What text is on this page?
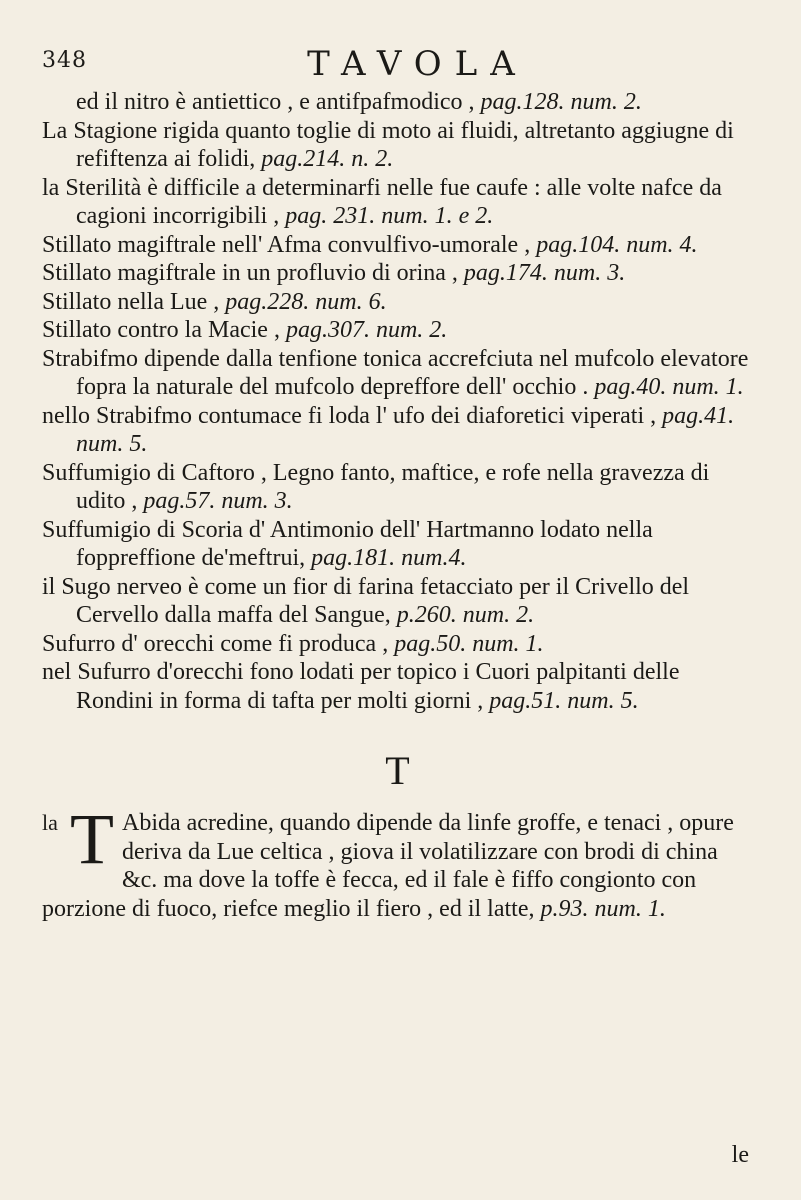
348	TAVOLA

ed il nitro è antiettico , e antifpafmodico , pag.128. num. 2.

La Stagione rigida quanto toglie di moto ai fluidi, altretanto aggiugne di refiftenza ai folidi, pag.214. n. 2.

la Sterilità è difficile a determinarfi nelle fue caufe : alle volte nafce da cagioni incorrigibili , pag. 231. num. 1. e 2.

Stillato magiftrale nell' Afma convulfivo-umorale , pag.104. num. 4.

Stillato magiftrale in un profluvio di orina , pag.174. num. 3.

Stillato nella Lue , pag.228. num. 6.

Stillato contro la Macie , pag.307. num. 2.

Strabifmo dipende dalla tenfione tonica accrefciuta nel mufcolo elevatore fopra la naturale del mufcolo depreffore dell' occhio . pag.40. num. 1.

nello Strabifmo contumace fi loda l' ufo dei diaforetici viperati , pag.41. num. 5.

Suffumigio di Caftoro , Legno fanto, maftice, e rofe nella gravezza di udito , pag.57. num. 3.

Suffumigio di Scoria d' Antimonio dell' Hartmanno lodato nella foppreffione de'meftrui, pag.181. num.4.

il Sugo nerveo è come un fior di farina fetacciato per il Crivello del Cervello dalla maffa del Sangue, p.260. num. 2.

Sufurro d' orecchi come fi produca , pag.50. num. 1.

nel Sufurro d'orecchi fono lodati per topico i Cuori palpitanti delle Rondini in forma di tafta per molti giorni , pag.51. num. 5.

T
la T Abida acredine, quando dipende da linfe groffe, e tenaci , opure deriva da Lue celtica , giova il volatilizzare con brodi di china &c. ma dove la toffe è fecca, ed il fale è fiffo congionto con porzione di fuoco, riefce meglio il fiero , ed il latte, p.93. num. 1.
le
